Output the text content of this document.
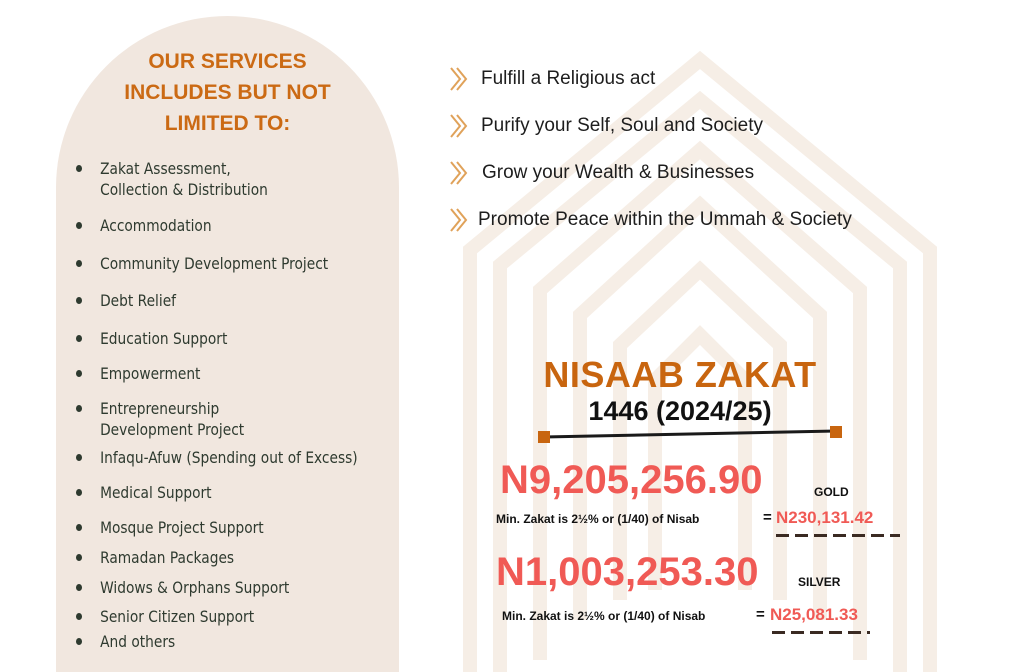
OUR SERVICES
INCLUDES BUT NOT
LIMITED TO:
Zakat Assessment,
Collection & Distribution
Accommodation
Community Development Project
Debt Relief
Education Support
Empowerment
Entrepreneurship
Development Project
Infaqu-Afuw (Spending out of Excess)
Medical Support
Mosque Project Support
Ramadan Packages
Widows & Orphans Support
Senior Citizen Support
And others
Fulfill a Religious act
Purify your Self, Soul and Society
Grow your Wealth & Businesses
Promote Peace within the Ummah & Society
NISAAB ZAKAT
1446 (2024/25)
N9,205,256.90	GOLD
Min. Zakat is 2½% or (1/40) of Nisab	= N230,131.42
N1,003,253.30	SILVER
Min. Zakat is 2½% or (1/40) of Nisab	= N25,081.33
